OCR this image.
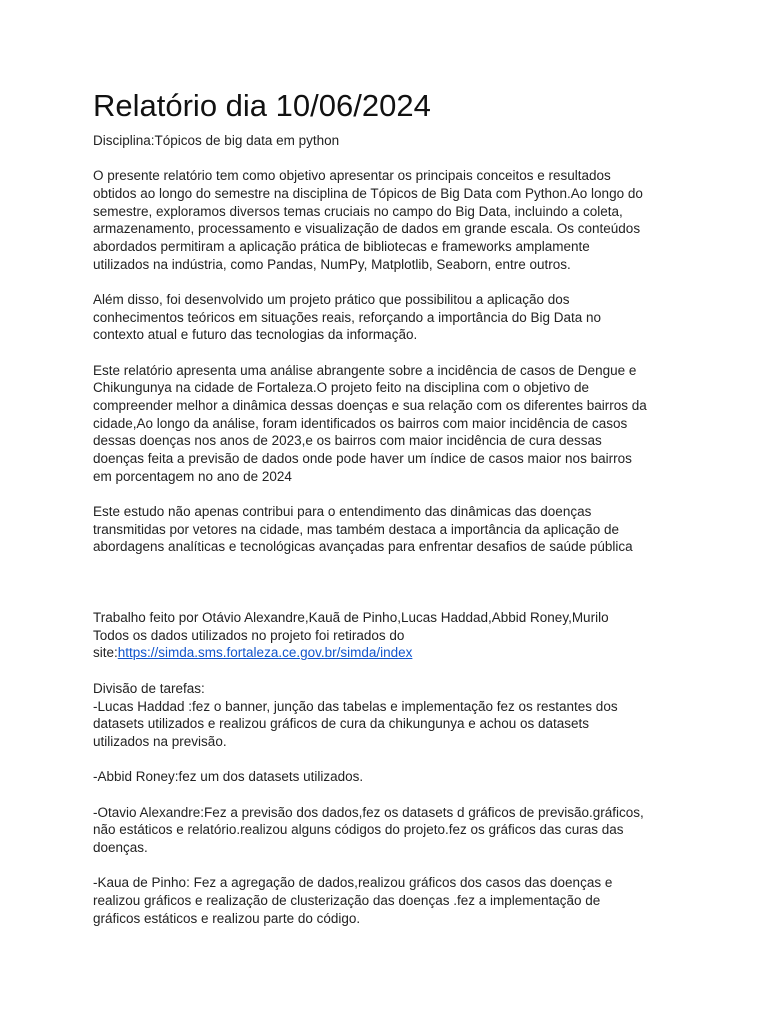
Relatório dia 10/06/2024

Disciplina:Tópicos de big data em python

O presente relatório tem como objetivo apresentar os principais conceitos e resultados

obtidos ao longo do semestre na disciplina de Tópicos de Big Data com Python.Ao longo do

semestre, exploramos diversos temas cruciais no campo do Big Data, incluindo a coleta,

armazenamento, processamento e visualização de dados em grande escala. Os conteúdos

abordados permitiram a aplicação prática de bibliotecas e frameworks amplamente

utilizados na indústria, como Pandas, NumPy, Matplotlib, Seaborn, entre outros.

Além disso, foi desenvolvido um projeto prático que possibilitou a aplicação dos

conhecimentos teóricos em situações reais, reforçando a importância do Big Data no

contexto atual e futuro das tecnologias da informação.

Este relatório apresenta uma análise abrangente sobre a incidência de casos de Dengue e

Chikungunya na cidade de Fortaleza.O projeto feito na disciplina com o objetivo de

compreender melhor a dinâmica dessas doenças e sua relação com os diferentes bairros da

cidade,Ao longo da análise, foram identificados os bairros com maior incidência de casos

dessas doenças nos anos de 2023,e os bairros com maior incidência de cura dessas

doenças feita a previsão de dados onde pode haver um índice de casos maior nos bairros

em porcentagem no ano de 2024

Este estudo não apenas contribui para o entendimento das dinâmicas das doenças

transmitidas por vetores na cidade, mas também destaca a importância da aplicação de

abordagens analíticas e tecnológicas avançadas para enfrentar desafios de saúde pública

Trabalho feito por Otávio Alexandre,Kauã de Pinho,Lucas Haddad,Abbid Roney,Murilo

Todos os dados utilizados no projeto foi retirados do

site:https://simda.sms.fortaleza.ce.gov.br/simda/index

Divisão de tarefas:

-Lucas Haddad :fez o banner, junção das tabelas e implementação fez os restantes dos

datasets utilizados e realizou gráficos de cura da chikungunya e achou os datasets

utilizados na previsão.

-Abbid Roney:fez um dos datasets utilizados.

-Otavio Alexandre:Fez a previsão dos dados,fez os datasets d gráficos de previsão.gráficos,

não estáticos e relatório.realizou alguns códigos do projeto.fez os gráficos das curas das

doenças.

-Kaua de Pinho: Fez a agregação de dados,realizou gráficos dos casos das doenças e

realizou gráficos e realização de clusterização das doenças .fez a implementação de

gráficos estáticos e realizou parte do código.
